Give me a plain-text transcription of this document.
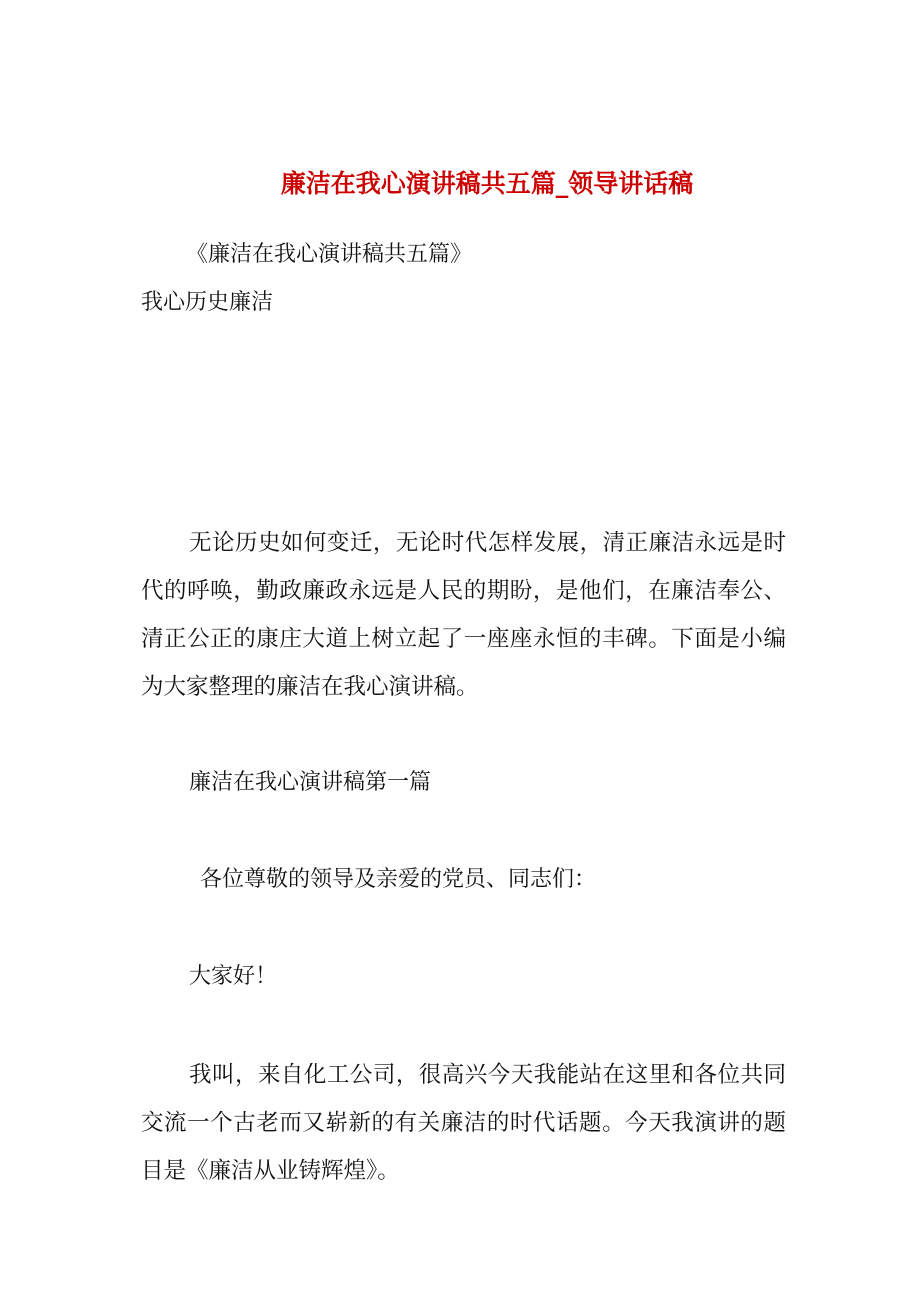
廉洁在我心演讲稿共五篇_领导讲话稿
《廉洁在我心演讲稿共五篇》
我心历史廉洁
无论历史如何变迁，无论时代怎样发展，清正廉洁永远是时代的呼唤，勤政廉政永远是人民的期盼，是他们，在廉洁奉公、清正公正的康庄大道上树立起了一座座永恒的丰碑。下面是小编为大家整理的廉洁在我心演讲稿。
廉洁在我心演讲稿第一篇
各位尊敬的领导及亲爱的党员、同志们：
大家好！
我叫，来自化工公司，很高兴今天我能站在这里和各位共同交流一个古老而又崭新的有关廉洁的时代话题。今天我演讲的题目是《廉洁从业铸辉煌》。
